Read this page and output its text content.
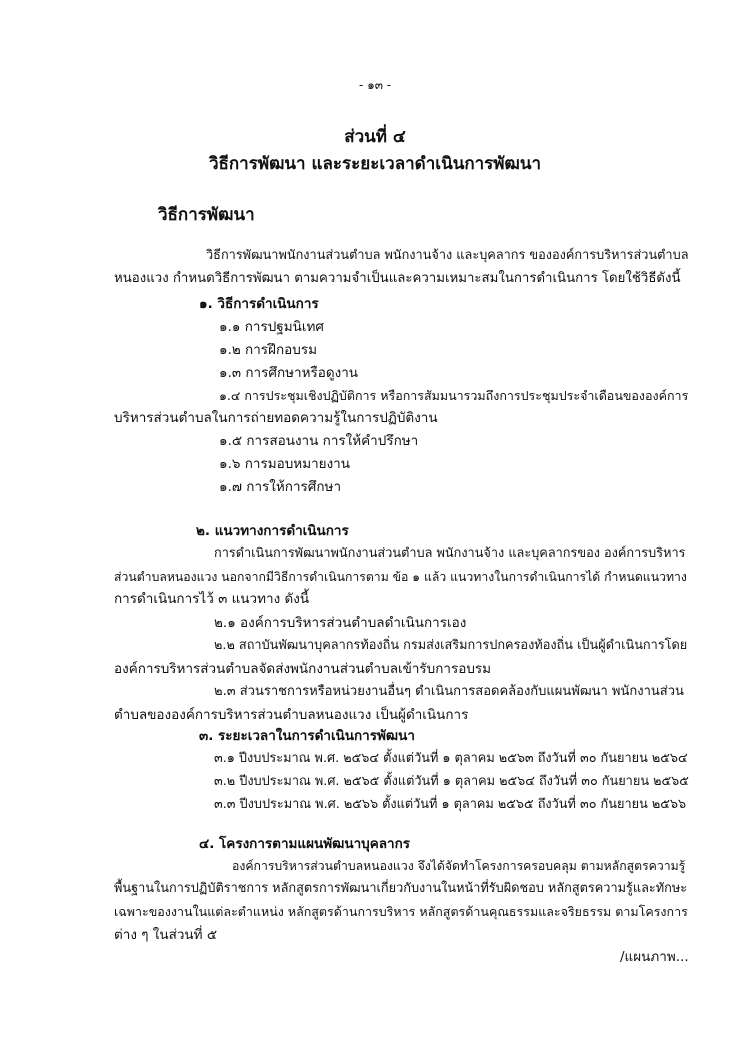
- ๑๓ -
ส่วนที่ ๔
วิธีการพัฒนา และระยะเวลาดำเนินการพัฒนา
วิธีการพัฒนา
วิธีการพัฒนาพนักงานส่วนตำบล พนักงานจ้าง และบุคลากร ขององค์การบริหารส่วนตำบล
หนองแวง กำหนดวิธีการพัฒนา ตามความจำเป็นและความเหมาะสมในการดำเนินการ โดยใช้วิธีดังนี้
๑. วิธีการดำเนินการ
๑.๑ การปฐมนิเทศ
๑.๒ การฝึกอบรม
๑.๓ การศึกษาหรือดูงาน
๑.๔ การประชุมเชิงปฏิบัติการ หรือการสัมมนารวมถึงการประชุมประจำเดือนขององค์การ
บริหารส่วนตำบลในการถ่ายทอดความรู้ในการปฏิบัติงาน
๑.๕ การสอนงาน การให้คำปรึกษา
๑.๖ การมอบหมายงาน
๑.๗ การให้การศึกษา
๒. แนวทางการดำเนินการ
การดำเนินการพัฒนาพนักงานส่วนตำบล พนักงานจ้าง และบุคลากรของ องค์การบริหาร
ส่วนตำบลหนองแวง นอกจากมีวิธีการดำเนินการตาม ข้อ ๑ แล้ว แนวทางในการดำเนินการได้ กำหนดแนวทาง
การดำเนินการไว้ ๓ แนวทาง ดังนี้
๒.๑ องค์การบริหารส่วนตำบลดำเนินการเอง
๒.๒ สถาบันพัฒนาบุคลากรท้องถิ่น กรมส่งเสริมการปกครองท้องถิ่น เป็นผู้ดำเนินการโดย
องค์การบริหารส่วนตำบลจัดส่งพนักงานส่วนตำบลเข้ารับการอบรม
๒.๓ ส่วนราชการหรือหน่วยงานอื่นๆ ดำเนินการสอดคล้องกับแผนพัฒนา พนักงานส่วน
ตำบลขององค์การบริหารส่วนตำบลหนองแวง เป็นผู้ดำเนินการ
๓. ระยะเวลาในการดำเนินการพัฒนา
๓.๑ ปีงบประมาณ พ.ศ. ๒๕๖๔ ตั้งแต่วันที่ ๑ ตุลาคม ๒๕๖๓ ถึงวันที่ ๓๐ กันยายน ๒๕๖๔
๓.๒ ปีงบประมาณ พ.ศ. ๒๕๖๕ ตั้งแต่วันที่ ๑ ตุลาคม ๒๕๖๔ ถึงวันที่ ๓๐ กันยายน ๒๕๖๕
๓.๓ ปีงบประมาณ พ.ศ. ๒๕๖๖ ตั้งแต่วันที่ ๑ ตุลาคม ๒๕๖๕ ถึงวันที่ ๓๐ กันยายน ๒๕๖๖
๔. โครงการตามแผนพัฒนาบุคลากร
องค์การบริหารส่วนตำบลหนองแวง จึงได้จัดทำโครงการครอบคลุม ตามหลักสูตรความรู้
พื้นฐานในการปฏิบัติราชการ หลักสูตรการพัฒนาเกี่ยวกับงานในหน้าที่รับผิดชอบ หลักสูตรความรู้และทักษะ
เฉพาะของงานในแต่ละตำแหน่ง หลักสูตรด้านการบริหาร หลักสูตรด้านคุณธรรมและจริยธรรม ตามโครงการ
ต่าง ๆ ในส่วนที่ ๕
/แผนภาพ...
